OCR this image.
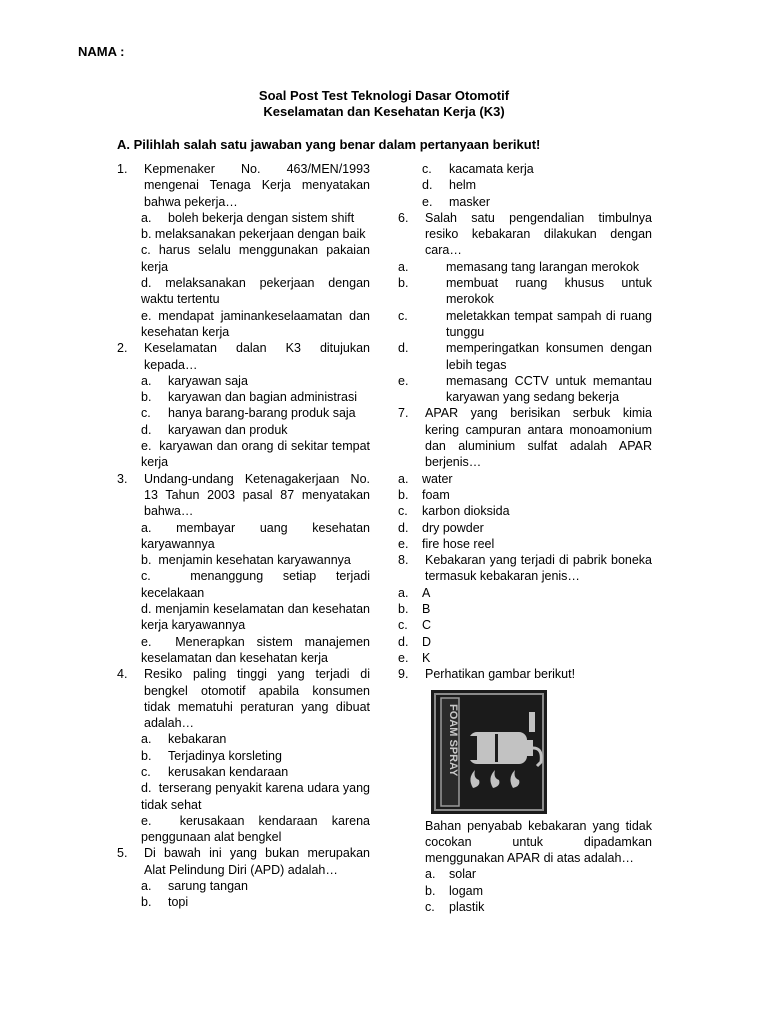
NAMA :
Soal Post Test Teknologi Dasar Otomotif
Keselamatan dan Kesehatan Kerja (K3)
A. Pilihlah salah satu jawaban yang benar dalam pertanyaan berikut!
1.	Kepmenaker No. 463/MEN/1993 mengenai Tenaga Kerja menyatakan bahwa pekerja…
a.	boleh bekerja dengan sistem shift
b. melaksanakan pekerjaan dengan baik
c. harus selalu menggunakan pakaian kerja
d. melaksanakan pekerjaan dengan waktu tertentu
e. mendapat jaminankeselaamatan dan kesehatan kerja
2.	Keselamatan dalan K3 ditujukan kepada…
a.	karyawan saja
b.	karyawan dan bagian administrasi
c.	hanya barang-barang produk saja
d.	karyawan dan produk
e. karyawan dan orang di sekitar tempat kerja
3.	Undang-undang Ketenagakerjaan No. 13 Tahun 2003 pasal 87 menyatakan bahwa…
a. membayar uang kesehatan karyawannya
b. menjamin kesehatan karyawannya
c.	menanggung setiap terjadi kecelakaan
d. menjamin keselamatan dan kesehatan kerja karyawannya
e. Menerapkan sistem manajemen keselamatan dan kesehatan kerja
4.	Resiko paling tinggi yang terjadi di bengkel otomotif apabila konsumen tidak mematuhi peraturan yang dibuat adalah…
a.	kebakaran
b.	Terjadinya korsleting
c.	kerusakan kendaraan
d. terserang penyakit karena udara yang tidak sehat
e. kerusakaan kendaraan karena penggunaan alat bengkel
5.	Di bawah ini yang bukan merupakan Alat Pelindung Diri (APD) adalah…
a.	sarung tangan
b.	topi
c.	kacamata kerja
d.	helm
e.	masker
6.	Salah satu pengendalian timbulnya resiko kebakaran dilakukan dengan cara…
a.	memasang tang larangan merokok
b.	membuat ruang khusus untuk merokok
c.	meletakkan tempat sampah di ruang tunggu
d.	memperingatkan konsumen dengan lebih tegas
e.	memasang CCTV untuk memantau karyawan yang sedang bekerja
7.	APAR yang berisikan serbuk kimia kering campuran antara monoamonium dan aluminium sulfat adalah APAR berjenis…
a.	water
b.	foam
c.	karbon dioksida
d.	dry powder
e.	fire hose reel
8.	Kebakaran yang terjadi di pabrik boneka termasuk kebakaran jenis…
a.	A
b.	B
c.	C
d.	D
e.	K
9.	Perhatikan gambar berikut!
FOAM SPRAY
Bahan penyabab kebakaran yang tidak cocokan untuk dipadamkan menggunakan APAR di atas adalah…
a.	solar
b.	logam
c.	plastik
